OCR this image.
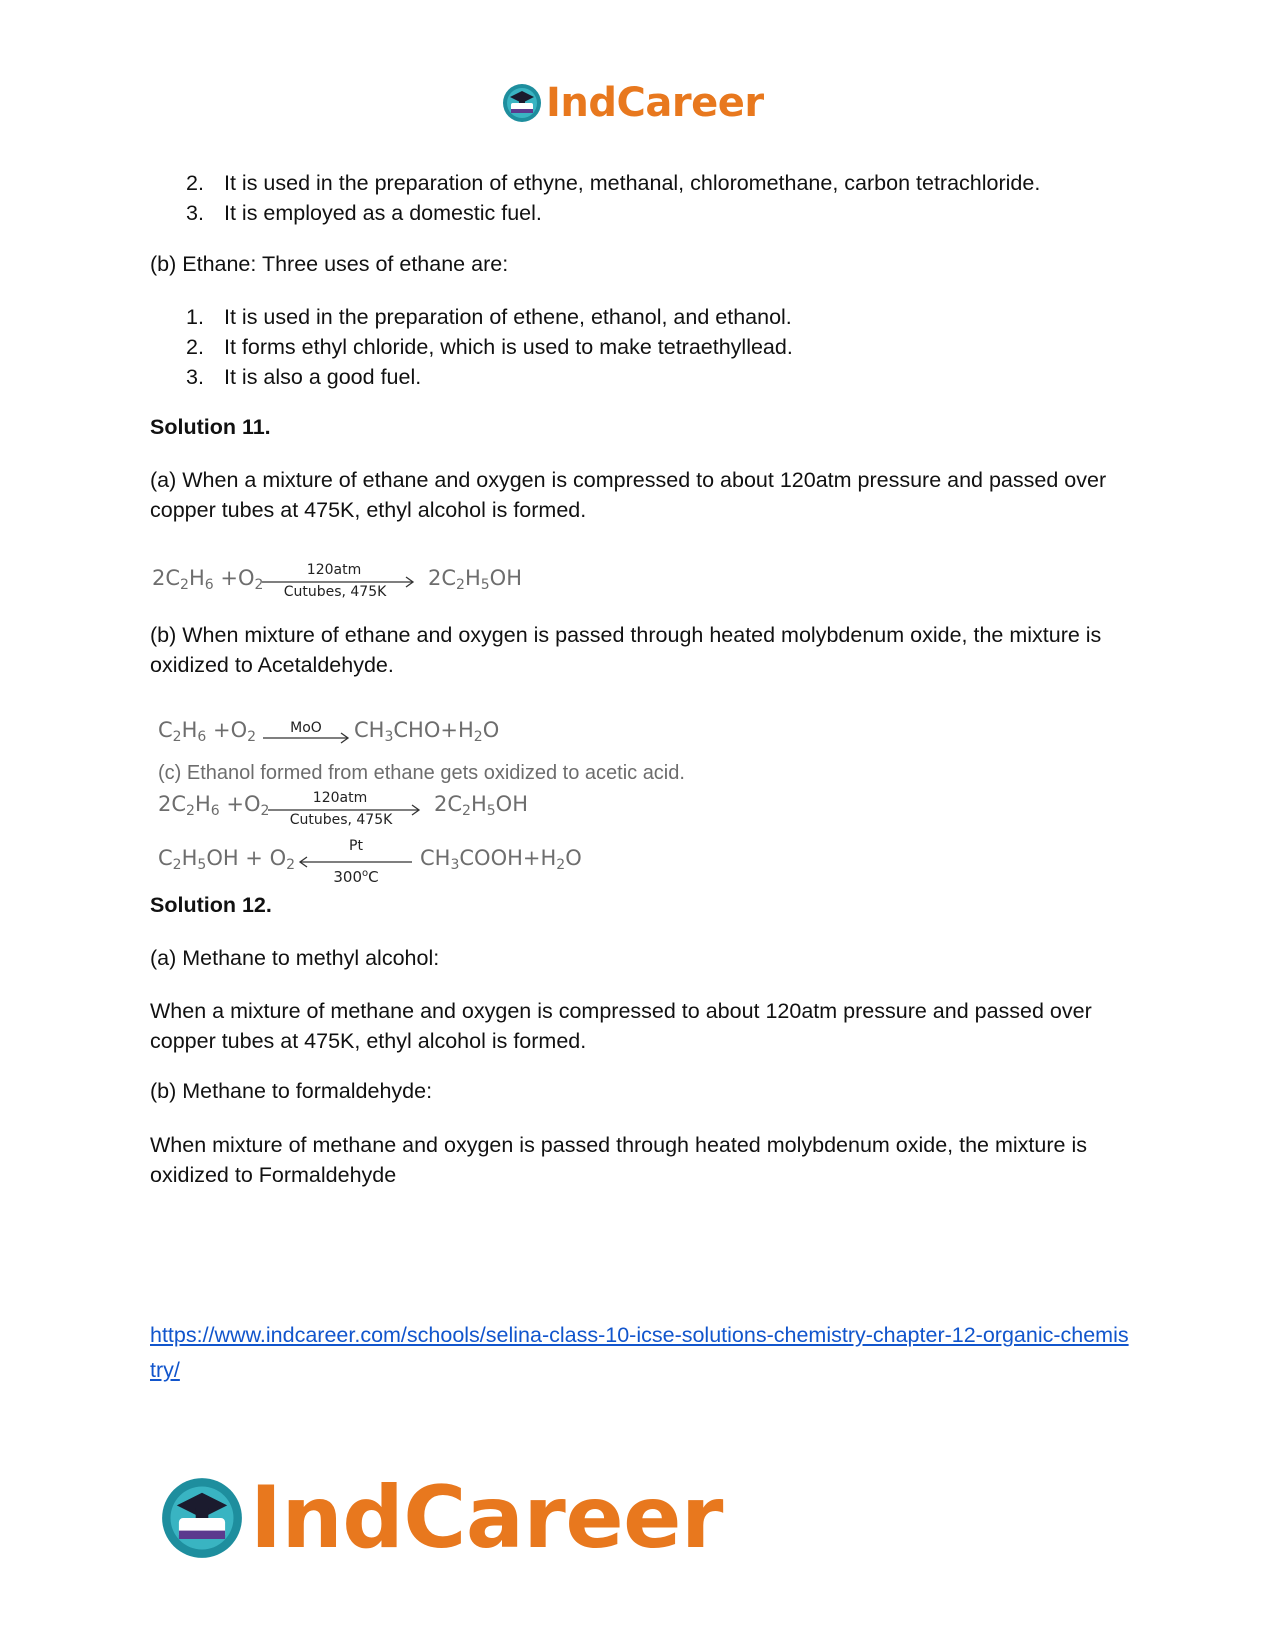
IndCareer
2. It is used in the preparation of ethyne, methanal, chloromethane, carbon tetrachloride.
3. It is employed as a domestic fuel.

(b) Ethane: Three uses of ethane are:

1. It is used in the preparation of ethene, ethanol, and ethanol.
2. It forms ethyl chloride, which is used to make tetraethyllead.
3. It is also a good fuel.

Solution 11.

(a) When a mixture of ethane and oxygen is compressed to about 120atm pressure and passed over copper tubes at 475K, ethyl alcohol is formed.

$2C_2H_6 +O_2$
120atm
Cutubes, 475K
$2C_2H_5OH$

(b) When mixture of ethane and oxygen is passed through heated molybdenum oxide, the mixture is oxidized to Acetaldehyde.

$C_2H_6 +O_2$
MoO	$CH_3CHO+H_2O$
(c) Ethanol formed from ethane gets oxidized to acetic acid.
$2C_2H_6 +O_2$
120atm
Cutubes, 475K
$2C_2H_5OH$
$C_2H_5OH + O_2$
Pt
300$^o$C
$CH_3COOH+H_2O$

Solution 12.

(a) Methane to methyl alcohol:

When a mixture of methane and oxygen is compressed to about 120atm pressure and passed over copper tubes at 475K, ethyl alcohol is formed.

(b) Methane to formaldehyde:

When mixture of methane and oxygen is passed through heated molybdenum oxide, the mixture is oxidized to Formaldehyde

https://www.indcareer.com/schools/selina-class-10-icse-solutions-chemistry-chapter-12-organic-chemistry/
IndCareer
